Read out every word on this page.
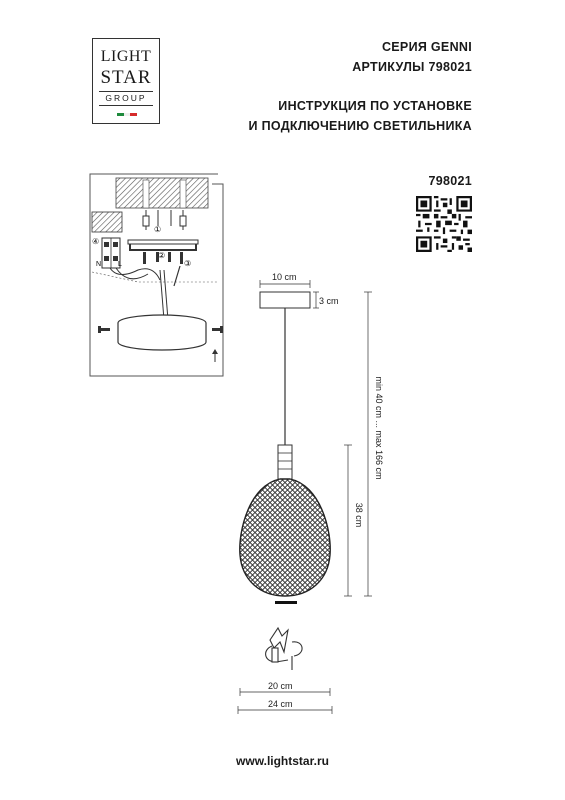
LIGHT
STAR
GROUP
СЕРИЯ GENNI
АРТИКУЛЫ 798021
ИНСТРУКЦИЯ ПО УСТАНОВКЕ
И ПОДКЛЮЧЕНИЮ СВЕТИЛЬНИКА
798021
④
N L
①
②
③
10 cm
3 cm
min 40 cm ... max 166 cm
38 cm
20 cm
24 cm
www.lightstar.ru
